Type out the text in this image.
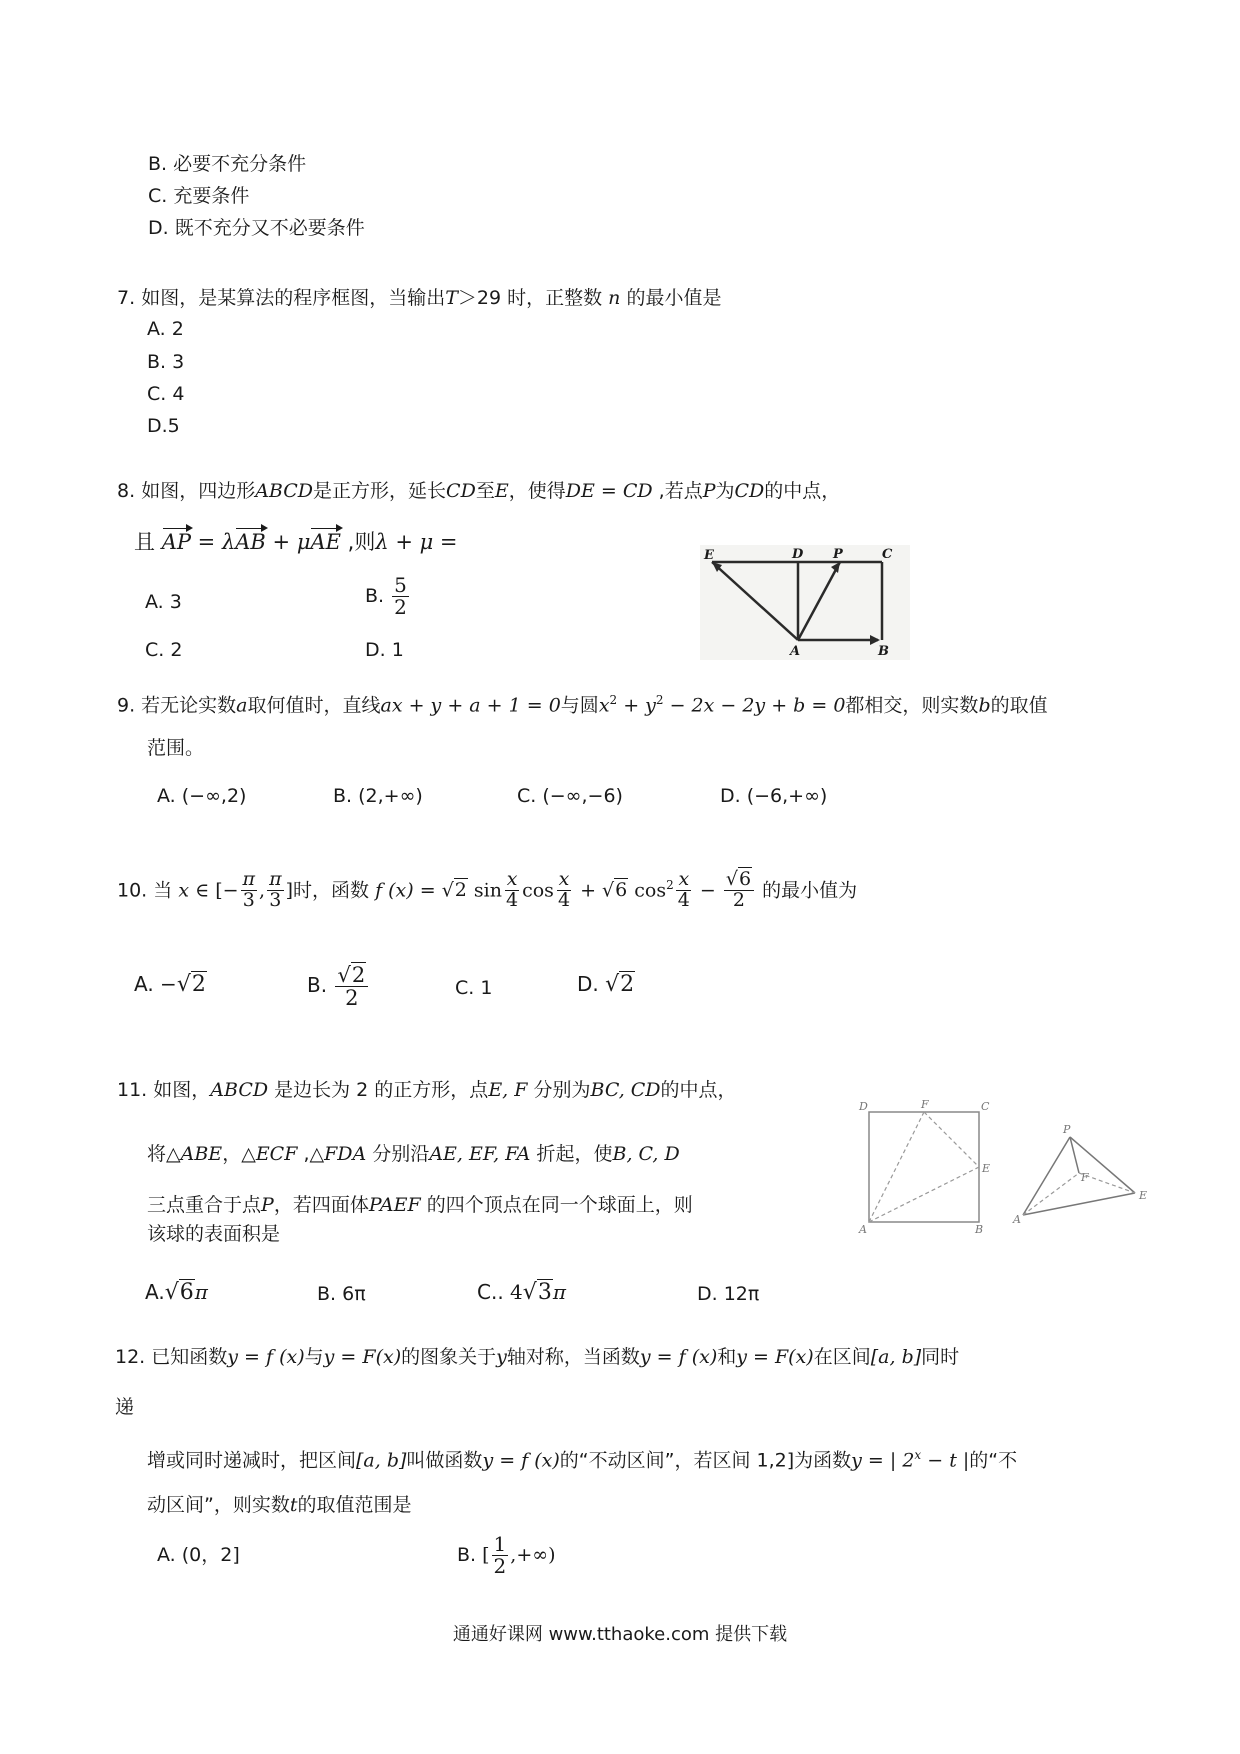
B. 必要不充分条件
C. 充要条件
D. 既不充分又不必要条件
7. 如图，是某算法的程序框图，当输出T＞29 时，正整数 n 的最小值是
A. 2
B. 3
C. 4
D.5
8. 如图，四边形ABCD是正方形，延长CD至E，使得DE = CD ,若点P为CD的中点，
且 AP = λAB + μAE ,则λ + μ =
A. 3	B. $\frac{5}{2}$
C. 2	D. 1
E	D P	C
A	B
9. 若无论实数a取何值时，直线ax + y + a + 1 = 0与圆$x^2 + y^2 - 2x - 2y + b = 0$都相交，则实数b的取值
范围。
A. (−∞,2)	B. (2,+∞)	C. (−∞,−6)	D. (−6,+∞)
10. 当 x ∈ [− $\frac{\pi}{3}$ , $\frac{\pi}{3}$ ]时，函数 f (x) = √2 $\sin \frac{x}{4}$ $\cos \frac{x}{4} + √6$ $\cos^2 \frac{x}{4} - \frac{√6}{2}$ 的最小值为
A. −√2	B. $\frac{√2}{2}$	C. 1	D. √2
11. 如图，ABCD 是边长为 2 的正方形，点E, F 分别为BC, CD的中点，
将△ABE，△ECF ,△FDA 分别沿AE, EF, FA 折起，使B, C, D
三点重合于点P，若四面体PAEF 的四个顶点在同一个球面上，则
该球的表面积是
A.√6π	B. 6π	C.. 4√3π	D. 12π
D	F	C
E
A	B
P
F
A
E
12. 已知函数y = f (x)与y = F(x)的图象关于y轴对称，当函数y = f (x)和y = F(x)在区间[a, b]同时
递
增或同时递减时，把区间[a, b]叫做函数y = f (x)的“不动区间”，若区间 1,2]为函数y = | $2^x - t$ |的“不
动区间”，则实数t的取值范围是
A. (0，2]	B. [ $\frac{1}{2}$ ,+∞)
通通好课网 www.tthaoke.com 提供下载
